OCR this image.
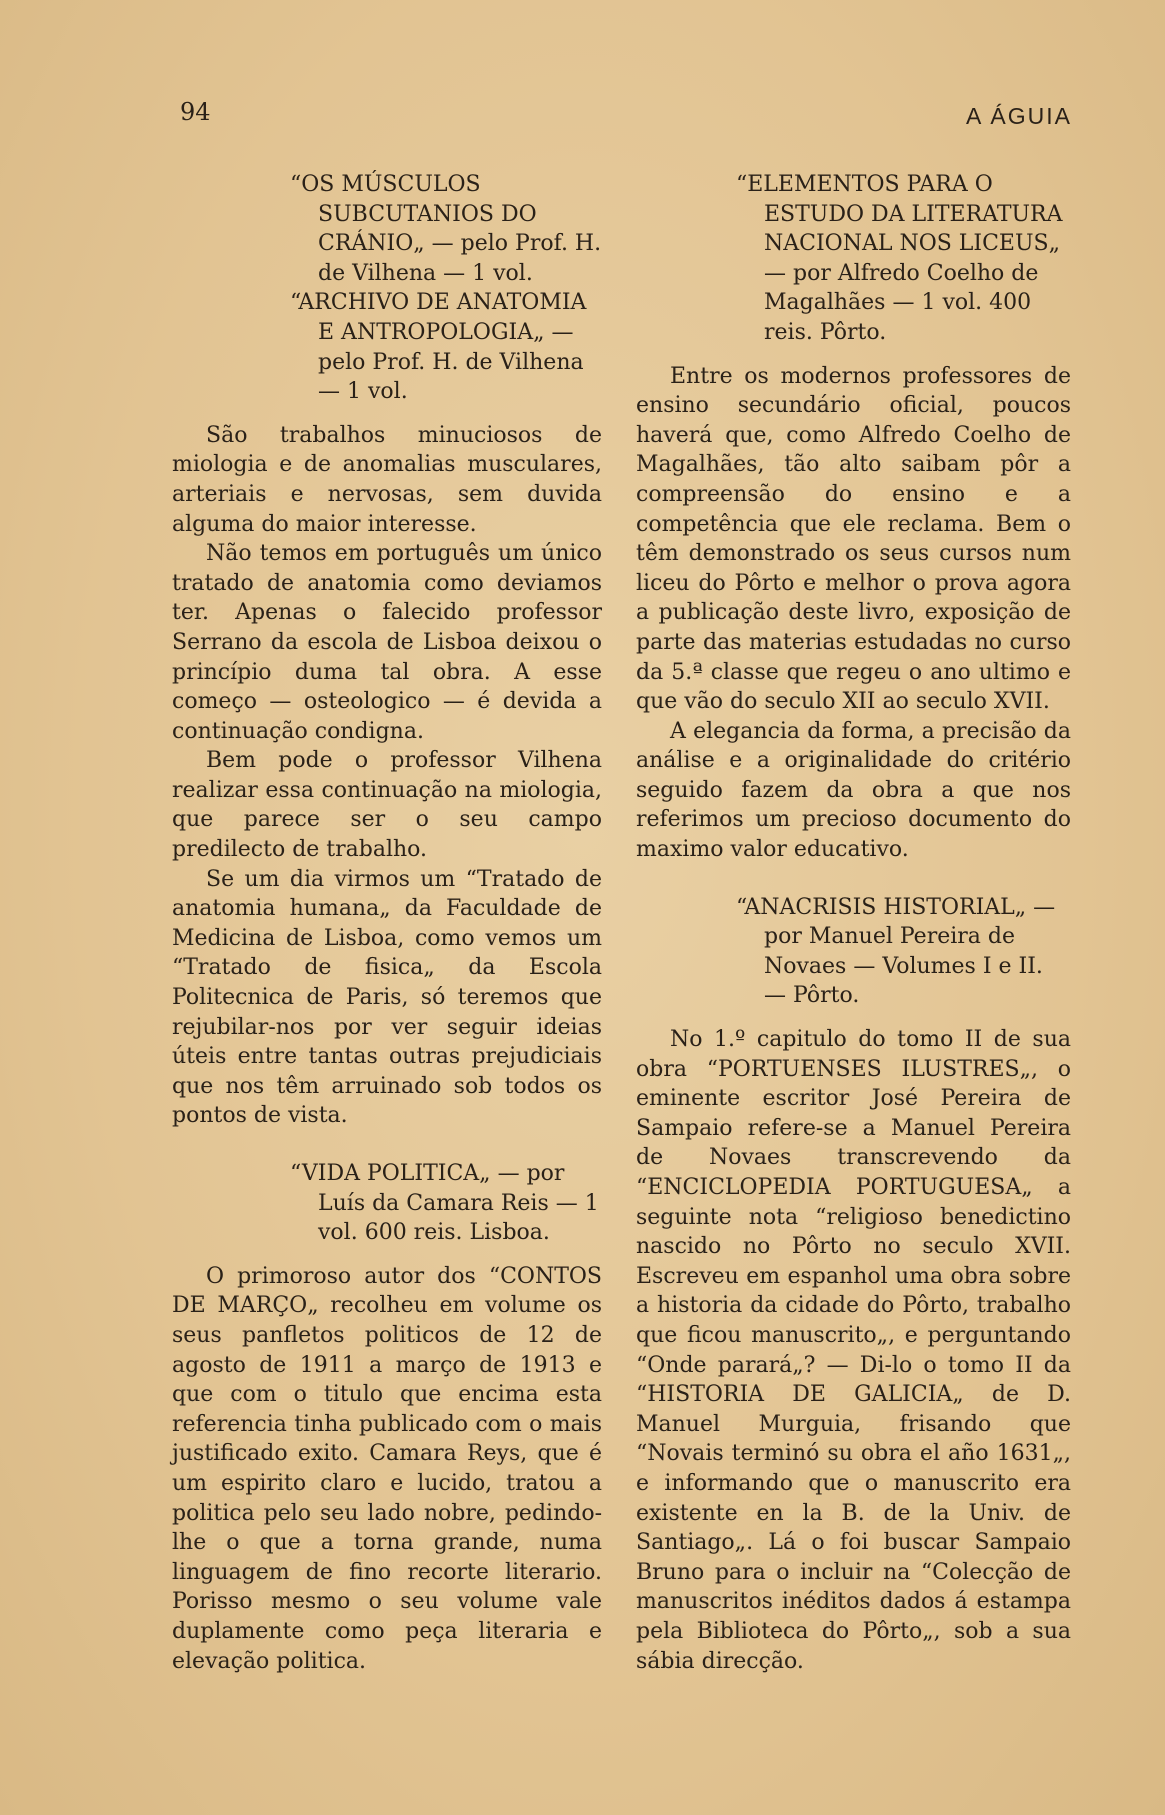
94	A ÁGUIA

“OS MÚSCULOS SUBCUTANIOS DO CRÁNIO„ — pelo Prof. H. de Vilhena — 1 vol.

“ARCHIVO DE ANATOMIA E ANTROPOLOGIA„ — pelo Prof. H. de Vilhena — 1 vol.

São trabalhos minuciosos de miologia e de anomalias musculares, arteriais e nervosas, sem duvida alguma do maior interesse.

Não temos em português um único tratado de anatomia como deviamos ter. Apenas o falecido professor Serrano da escola de Lisboa deixou o princípio duma tal obra. A esse começo — osteologico — é devida a continuação condigna.

Bem pode o professor Vilhena realizar essa continuação na miologia, que parece ser o seu campo predilecto de trabalho.

Se um dia virmos um “Tratado de anatomia humana„ da Faculdade de Medicina de Lisboa, como vemos um “Tratado de fisica„ da Escola Politecnica de Paris, só teremos que rejubilar-nos por ver seguir ideias úteis entre tantas outras prejudiciais que nos têm arruinado sob todos os pontos de vista.

“VIDA POLITICA„ — por Luís da Camara Reis — 1 vol. 600 reis. Lisboa.

O primoroso autor dos “CONTOS DE MARÇO„ recolheu em volume os seus panfletos politicos de 12 de agosto de 1911 a março de 1913 e que com o titulo que encima esta referencia tinha publicado com o mais justificado exito. Camara Reys, que é um espirito claro e lucido, tratou a politica pelo seu lado nobre, pedindo-lhe o que a torna grande, numa linguagem de fino recorte literario. Porisso mesmo o seu volume vale duplamente como peça literaria e elevação politica.

“ELEMENTOS PARA O ESTUDO DA LITERATURA NACIONAL NOS LICEUS„ — por Alfredo Coelho de Magalhães — 1 vol. 400 reis. Pôrto.

Entre os modernos professores de ensino secundário oficial, poucos haverá que, como Alfredo Coelho de Magalhães, tão alto saibam pôr a compreensão do ensino e a competência que ele reclama. Bem o têm demonstrado os seus cursos num liceu do Pôrto e melhor o prova agora a publicação deste livro, exposição de parte das materias estudadas no curso da 5.ª classe que regeu o ano ultimo e que vão do seculo XII ao seculo XVII.

A elegancia da forma, a precisão da análise e a originalidade do critério seguido fazem da obra a que nos referimos um precioso documento do maximo valor educativo.

“ANACRISIS HISTORIAL„ — por Manuel Pereira de Novaes — Volumes I e II. — Pôrto.

No 1.º capitulo do tomo II de sua obra “PORTUENSES ILUSTRES„, o eminente escritor José Pereira de Sampaio refere-se a Manuel Pereira de Novaes transcrevendo da “ENCICLOPEDIA PORTUGUESA„ a seguinte nota “religioso benedictino nascido no Pôrto no seculo XVII. Escreveu em espanhol uma obra sobre a historia da cidade do Pôrto, trabalho que ficou manuscrito„, e perguntando “Onde parará„? — Di-lo o tomo II da “HISTORIA DE GALICIA„ de D. Manuel Murguia, frisando que “Novais terminó su obra el año 1631„, e informando que o manuscrito era existente en la B. de la Univ. de Santiago„. Lá o foi buscar Sampaio Bruno para o incluir na “Colecção de manuscritos inéditos dados á estampa pela Biblioteca do Pôrto„, sob a sua sábia direcção.
